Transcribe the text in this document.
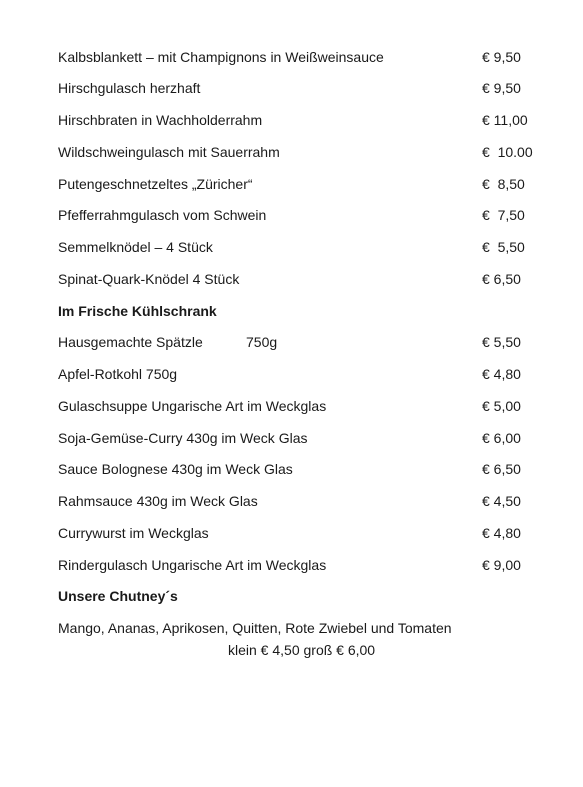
Kalbsblankett – mit Champignons in Weißweinsauce	€ 9,50
Hirschgulasch herzhaft	€ 9,50
Hirschbraten in Wachholderrahm	€ 11,00
Wildschweingulasch mit Sauerrahm	€  10.00
Putengeschnetzeltes „Züricher“	€  8,50
Pfefferrahmgulasch vom Schwein	€  7,50
Semmelknödel – 4 Stück	€  5,50
Spinat-Quark-Knödel 4 Stück	€ 6,50
Im Frische Kühlschrank
Hausgemachte Spätzle	750g	€ 5,50
Apfel-Rotkohl 750g	€ 4,80
Gulaschsuppe Ungarische Art im Weckglas	€ 5,00
Soja-Gemüse-Curry 430g im Weck Glas	€ 6,00
Sauce Bolognese 430g im Weck Glas	€ 6,50
Rahmsauce 430g im Weck Glas	€ 4,50
Currywurst im Weckglas	€ 4,80
Rindergulasch Ungarische Art im Weckglas	€ 9,00
Unsere Chutney´s
Mango, Ananas, Aprikosen, Quitten, Rote Zwiebel und Tomaten
klein € 4,50 groß € 6,00
